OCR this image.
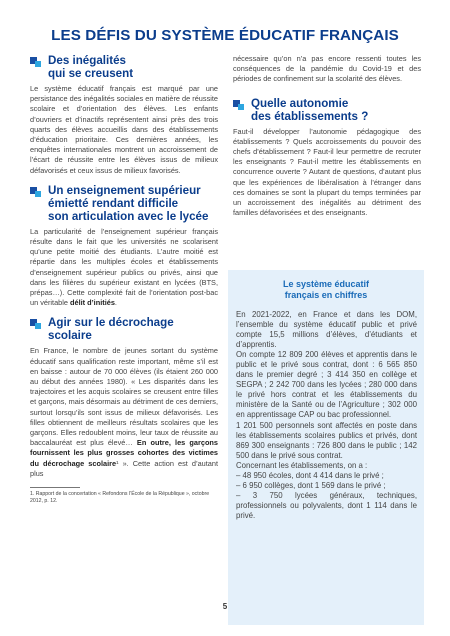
LES DÉFIS DU SYSTÈME ÉDUCATIF FRANÇAIS
Des inégalités
qui se creusent

Le système éducatif français est marqué par une persistance des inégalités sociales en matière de réussite scolaire et d’orientation des élèves. Les enfants d’ouvriers et d’inactifs représentent ainsi près des trois quarts des élèves accueillis dans des établissements d’éducation prioritaire. Ces dernières années, les enquêtes internationales montrent un accroissement de l’écart de réussite entre les élèves issus de milieux défavorisés et ceux issus de milieux favorisés.

Un enseignement supérieur
émietté rendant difficile
son articulation avec le lycée

La particularité de l’enseignement supérieur français résulte dans le fait que les universités ne scolarisent qu’une petite moitié des étudiants. L’autre moitié est répartie dans les multiples écoles et établissements d’enseignement supérieur publics ou privés, ainsi que dans les filières du supérieur existant en lycées (BTS, prépas…). Cette complexité fait de l’orientation post-bac un véritable délit d’initiés.

Agir sur le décrochage
scolaire

En France, le nombre de jeunes sortant du système éducatif sans qualification reste important, même s’il est en baisse : autour de 70 000 élèves (ils étaient 260 000 au début des années 1980). « Les disparités dans les trajectoires et les acquis scolaires se creusent entre filles et garçons, mais désormais au détriment de ces derniers, surtout lorsqu’ils sont issus de milieux défavorisés. Les filles obtiennent de meilleurs résultats scolaires que les garçons. Elles redoublent moins, leur taux de réussite au baccalauréat est plus élevé… En outre, les garçons fournissent les plus grosses cohortes des victimes du décrochage scolaire¹ ». Cette action est d’autant plus

1. Rapport de la concertation « Refondons l’École de la République », octobre 2012, p. 12.

nécessaire qu’on n’a pas encore ressenti toutes les conséquences de la pandémie du Covid-19 et des périodes de confinement sur la scolarité des élèves.

Quelle autonomie
des établissements ?

Faut-il développer l’autonomie pédagogique des établissements ? Quels accroissements du pouvoir des chefs d’établissement ? Faut-il leur permettre de recruter les enseignants ? Faut-il mettre les établissements en concurrence ouverte ? Autant de questions, d’autant plus que les expériences de libéralisation à l’étranger dans ces domaines se sont la plupart du temps terminées par un accroissement des inégalités au détriment des familles défavorisées et des enseignants.

Le système éducatif
français en chiffres

En 2021-2022, en France et dans les DOM, l’ensemble du système éducatif public et privé compte 15,5 millions d’élèves, d’étudiants et d’apprentis.

On compte 12 809 200 élèves et apprentis dans le public et le privé sous contrat, dont : 6 565 850 dans le premier degré ; 3 414 350 en collège et SEGPA ; 2 242 700 dans les lycées ; 280 000 dans le privé hors contrat et les établissements du ministère de la Santé ou de l’Agriculture ; 302 000 en apprentissage CAP ou bac professionnel.

1 201 500 personnels sont affectés en poste dans les établissements scolaires publics et privés, dont 869 300 enseignants : 726 800 dans le public ; 142 500 dans le privé sous contrat.

Concernant les établissements, on a :

– 48 950 écoles, dont 4 414 dans le privé ;
– 6 950 collèges, dont 1 569 dans le privé ;
– 3 750 lycées généraux, techniques, professionnels ou polyvalents, dont 1 114 dans le privé.
5
